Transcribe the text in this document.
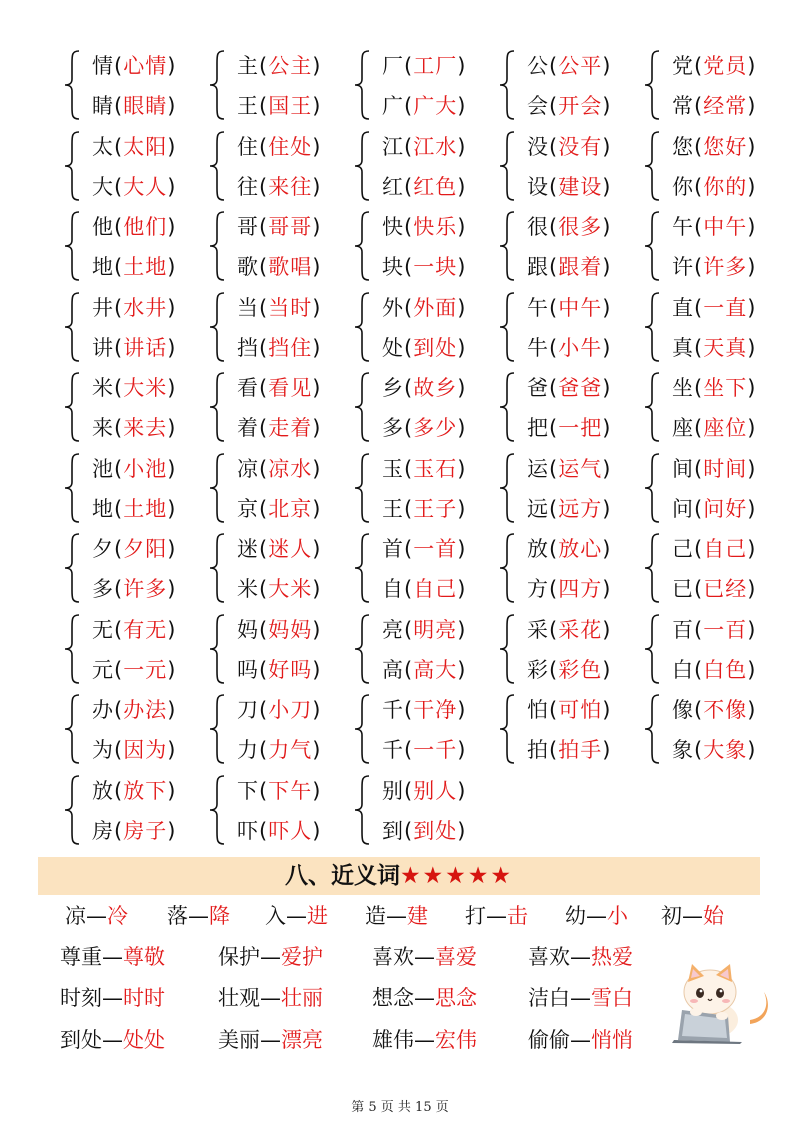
情(心情)
睛(眼睛)
主(公主)
王(国王)
厂(工厂)
广(广大)
公(公平)
会(开会)
党(党员)
常(经常)
太(太阳)
大(大人)
住(住处)
往(来往)
江(江水)
红(红色)
没(没有)
设(建设)
您(您好)
你(你的)
他(他们)
地(土地)
哥(哥哥)
歌(歌唱)
快(快乐)
块(一块)
很(很多)
跟(跟着)
午(中午)
许(许多)
井(水井)
讲(讲话)
当(当时)
挡(挡住)
外(外面)
处(到处)
午(中午)
牛(小牛)
直(一直)
真(天真)
米(大米)
来(来去)
看(看见)
着(走着)
乡(故乡)
多(多少)
爸(爸爸)
把(一把)
坐(坐下)
座(座位)
池(小池)
地(土地)
凉(凉水)
京(北京)
玉(玉石)
王(王子)
运(运气)
远(远方)
间(时间)
问(问好)
夕(夕阳)
多(许多)
迷(迷人)
米(大米)
首(一首)
自(自己)
放(放心)
方(四方)
己(自己)
已(已经)
无(有无)
元(一元)
妈(妈妈)
吗(好吗)
亮(明亮)
高(高大)
采(采花)
彩(彩色)
百(一百)
白(白色)
办(办法)
为(因为)
刀(小刀)
力(力气)
千(干净)
千(一千)
怕(可怕)
拍(拍手)
像(不像)
象(大象)
放(放下)
房(房子)
下(下午)
吓(吓人)
别(别人)
到(到处)
八、近义词★★★★★
凉—冷 落—降 入—进 造—建 打—击 幼—小 初—始
尊重—尊敬	保护—爱护 喜欢—喜爱 喜欢—热爱
时刻—时时	壮观—壮丽 想念—思念 洁白—雪白
到处—处处	美丽—漂亮 雄伟—宏伟 偷偷—悄悄
第 5 页 共 15 页
